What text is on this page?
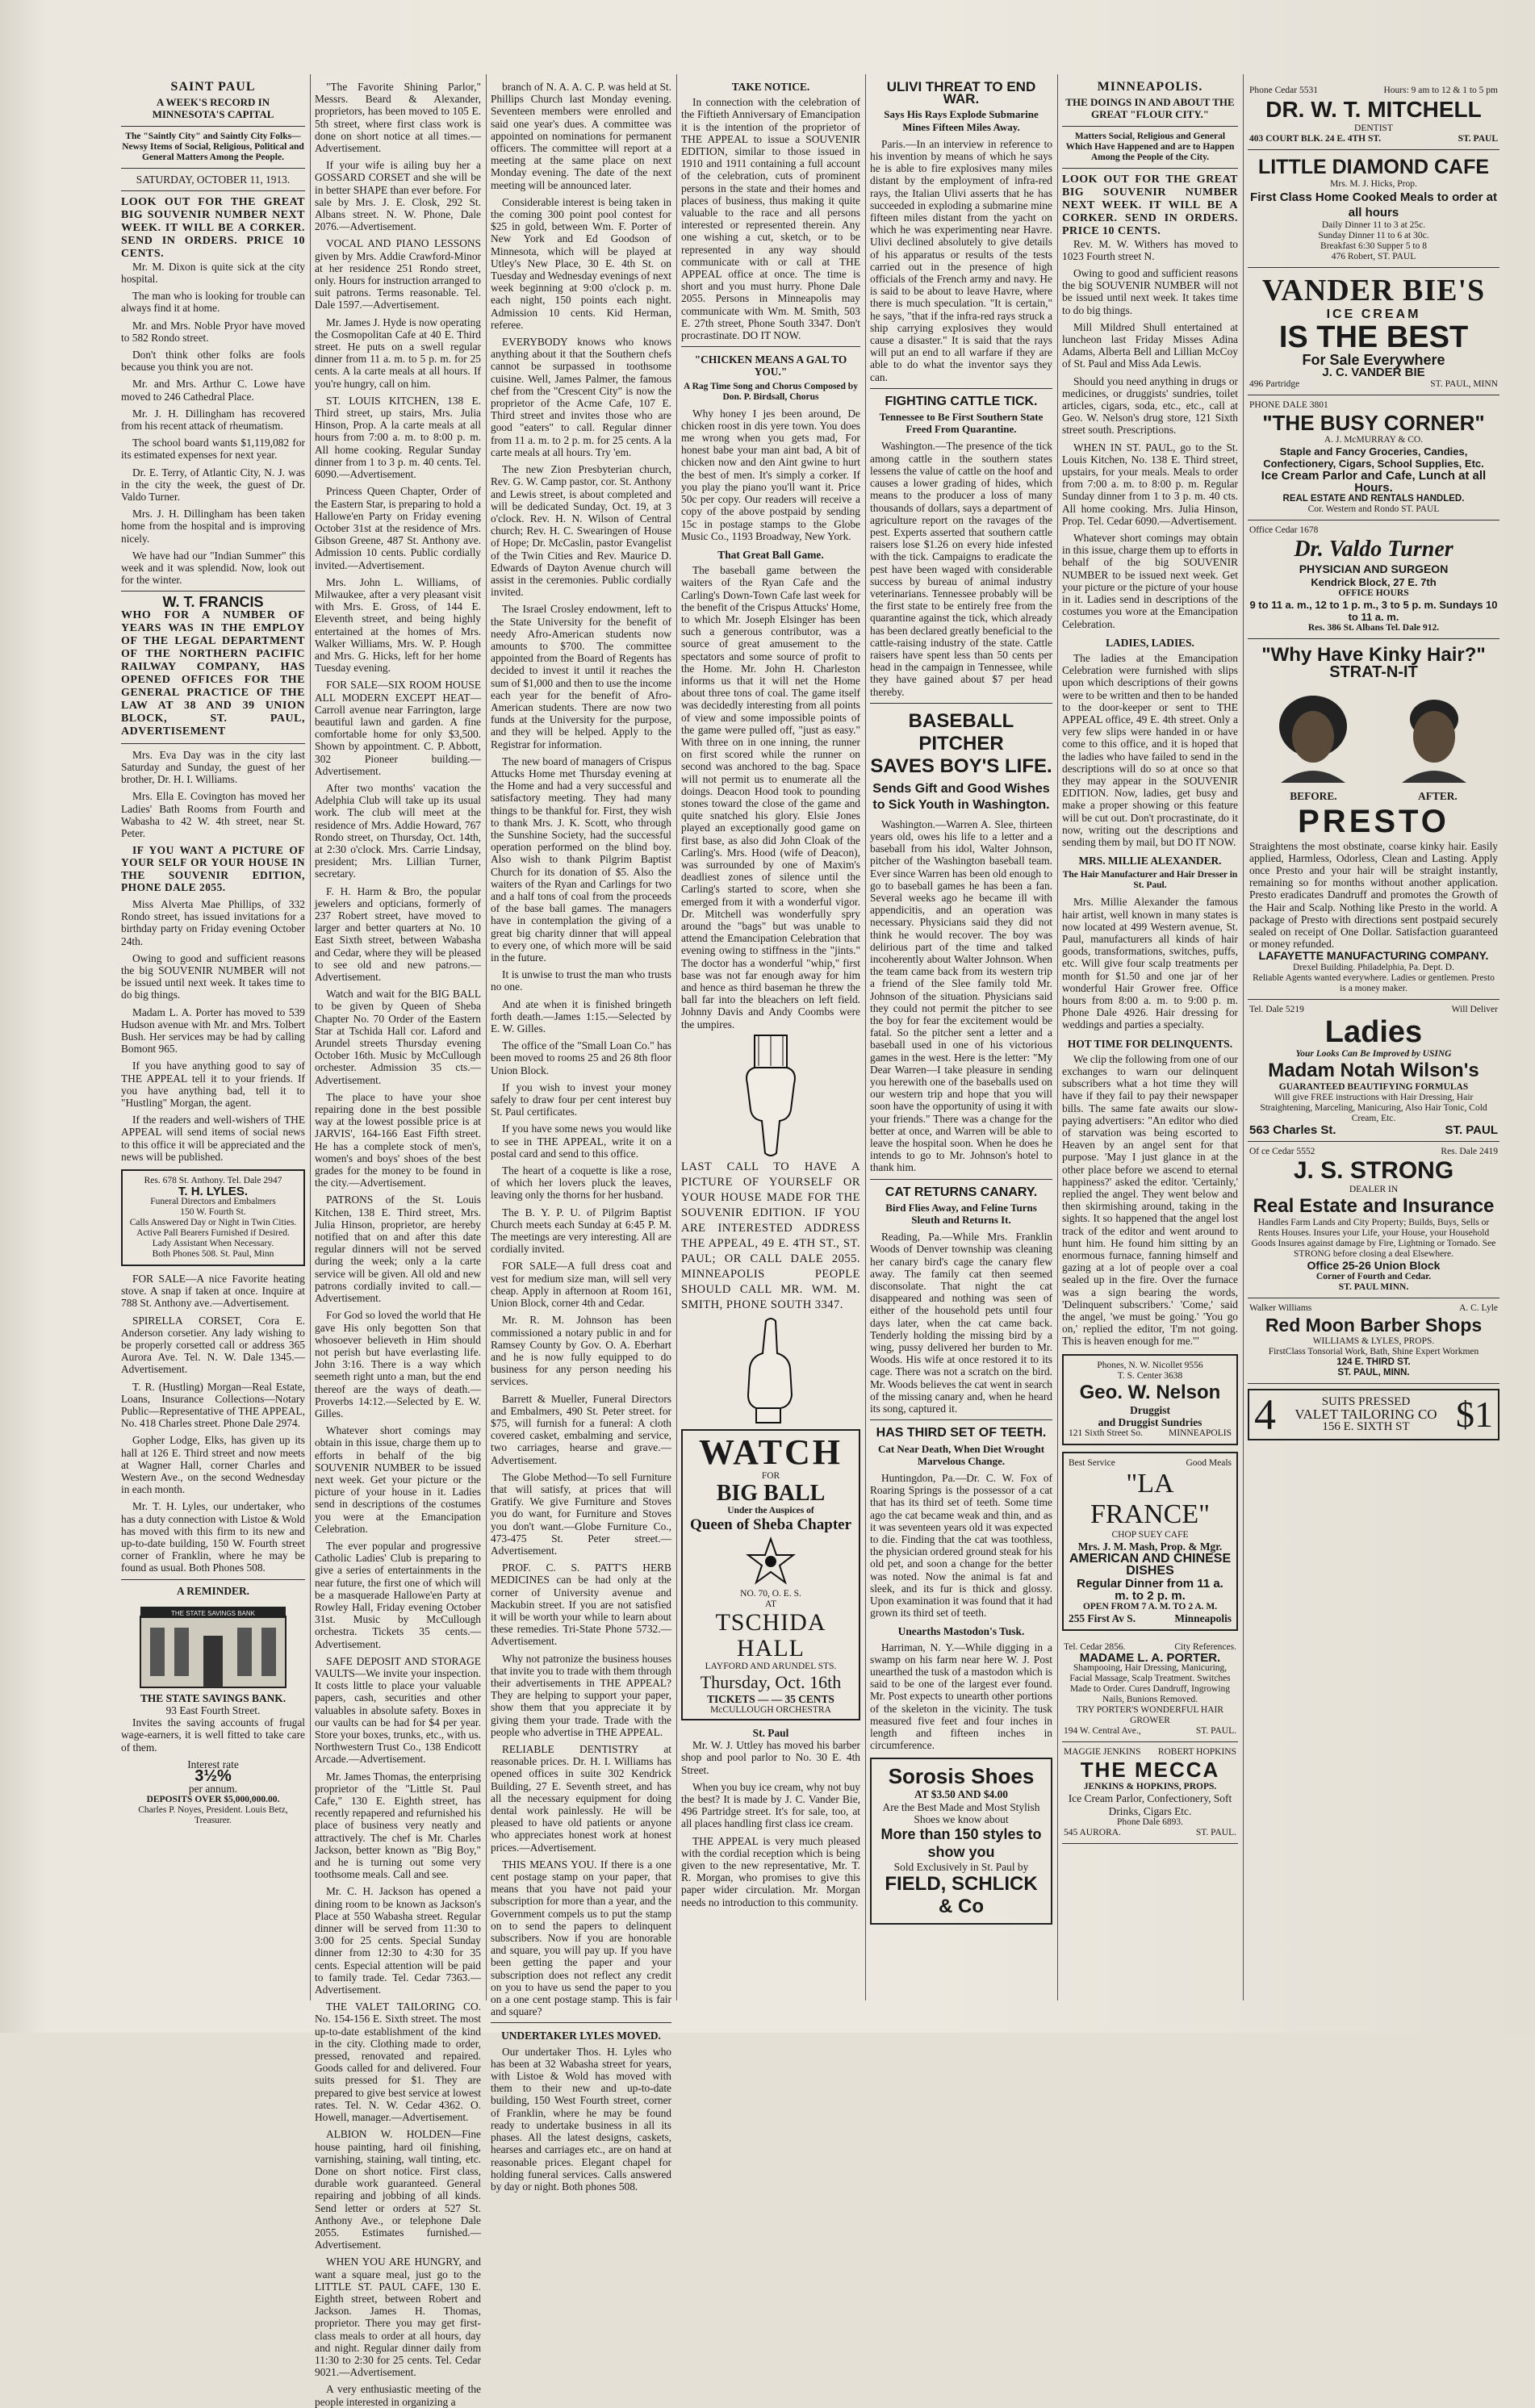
SAINT PAUL
A WEEK'S RECORD IN MINNESOTA'S CAPITAL
The "Saintly City" and Saintly City Folks—Newsy Items of Social, Religious, Political and General Matters Among the People.
SATURDAY, OCTOBER 11, 1913.
LOOK OUT FOR THE GREAT BIG SOUVENIR NUMBER NEXT WEEK. IT WILL BE A CORKER. SEND IN ORDERS. PRICE 10 CENTS.

Mr. M. Dixon is quite sick at the city hospital.

The man who is looking for trouble can always find it at home.

Mr. and Mrs. Noble Pryor have moved to 582 Rondo street.

Don't think other folks are fools because you think you are not.

Mr. and Mrs. Arthur C. Lowe have moved to 246 Cathedral Place.

Mr. J. H. Dillingham has recovered from his recent attack of rheumatism.

The school board wants $1,119,082 for its estimated expenses for next year.

Dr. E. Terry, of Atlantic City, N. J. was in the city the week, the guest of Dr. Valdo Turner.

Mrs. J. H. Dillingham has been taken home from the hospital and is improving nicely.

We have had our "Indian Summer" this week and it was splendid. Now, look out for the winter.

W. T. FRANCIS
WHO FOR A NUMBER OF YEARS WAS IN THE EMPLOY OF THE LEGAL DEPARTMENT OF THE NORTHERN PACIFIC RAILWAY COMPANY, HAS OPENED OFFICES FOR THE GENERAL PRACTICE OF THE LAW AT 38 AND 39 UNION BLOCK, ST. PAUL, ADVERTISEMENT

Mrs. Eva Day was in the city last Saturday and Sunday, the guest of her brother, Dr. H. I. Williams.

Mrs. Ella E. Covington has moved her Ladies' Bath Rooms from Fourth and Wabasha to 42 W. 4th street, near St. Peter.

IF YOU WANT A PICTURE OF YOUR SELF OR YOUR HOUSE IN THE SOUVENIR EDITION, PHONE DALE 2055.

Miss Alverta Mae Phillips, of 332 Rondo street, has issued invitations for a birthday party on Friday evening October 24th.

Owing to good and sufficient reasons the big SOUVENIR NUMBER will not be issued until next week. It takes time to do big things.

Madam L. A. Porter has moved to 539 Hudson avenue with Mr. and Mrs. Tolbert Bush. Her services may be had by calling Bomont 965.

If you have anything good to say of THE APPEAL tell it to your friends. If you have anything bad, tell it to "Hustling" Morgan, the agent.

If the readers and well-wishers of THE APPEAL will send items of social news to this office it will be appreciated and the news will be published.

Res. 678 St. Anthony. Tel. Dale 2947
T. H. LYLES.
Funeral Directors and Embalmers
150 W. Fourth St.
Calls Answered Day or Night in Twin Cities.
Active Pall Bearers Furnished if Desired.
Lady Assistant When Necessary.
Both Phones 508. St. Paul, Minn

FOR SALE—A nice Favorite heating stove. A snap if taken at once. Inquire at 788 St. Anthony ave.—Advertisement.

SPIRELLA CORSET, Cora E. Anderson corsetier. Any lady wishing to be properly corsetted call or address 365 Aurora Ave. Tel. N. W. Dale 1345.—Advertisement.

T. R. (Hustling) Morgan—Real Estate, Loans, Insurance Collections—Notary Public—Representative of THE APPEAL, No. 418 Charles street. Phone Dale 2974.

Gopher Lodge, Elks, has given up its hall at 126 E. Third street and now meets at Wagner Hall, corner Charles and Western Ave., on the second Wednesday in each month.

Mr. T. H. Lyles, our undertaker, who has a duty connection with Listoe & Wold has moved with this firm to its new and up-to-date building, 150 W. Fourth street corner of Franklin, where he may be found as usual. Both Phones 508.

A REMINDER.
THE STATE SAVINGS BANK
THE STATE SAVINGS BANK.
93 East Fourth Street.

Invites the saving accounts of frugal wage-earners, it is well fitted to take care of them.

Interest rate
3½%
per annum.
DEPOSITS OVER $5,000,000.00.
Charles P. Noyes, President. Louis Betz, Treasurer.

"The Favorite Shining Parlor," Messrs. Beard & Alexander, proprietors, has been moved to 105 E. 5th street, where first class work is done on short notice at all times.—Advertisement.

If your wife is ailing buy her a GOSSARD CORSET and she will be in better SHAPE than ever before. For sale by Mrs. J. E. Closk, 292 St. Albans street. N. W. Phone, Dale 2076.—Advertisement.

VOCAL AND PIANO LESSONS given by Mrs. Addie Crawford-Minor at her residence 251 Rondo street, only. Hours for instruction arranged to suit patrons. Terms reasonable. Tel. Dale 1597.—Advertisement.

Mr. James J. Hyde is now operating the Cosmopolitan Cafe at 40 E. Third street. He puts on a swell regular dinner from 11 a. m. to 5 p. m. for 25 cents. A la carte meals at all hours. If you're hungry, call on him.

ST. LOUIS KITCHEN, 138 E. Third street, up stairs, Mrs. Julia Hinson, Prop. A la carte meals at all hours from 7:00 a. m. to 8:00 p. m. All home cooking. Regular Sunday dinner from 1 to 3 p. m. 40 cents. Tel. 6090.—Advertisement.

Princess Queen Chapter, Order of the Eastern Star, is preparing to hold a Hallowe'en Party on Friday evening October 31st at the residence of Mrs. Gibson Greene, 487 St. Anthony ave. Admission 10 cents. Public cordially invited.—Advertisement.

Mrs. John L. Williams, of Milwaukee, after a very pleasant visit with Mrs. E. Gross, of 144 E. Eleventh street, and being highly entertained at the homes of Mrs. Walker Williams, Mrs. W. P. Hough and Mrs. G. Hicks, left for her home Tuesday evening.

FOR SALE—SIX ROOM HOUSE ALL MODERN EXCEPT HEAT—Carroll avenue near Farrington, large beautiful lawn and garden. A fine comfortable home for only $3,500. Shown by appointment. C. P. Abbott, 302 Pioneer building.—Advertisement.

After two months' vacation the Adelphia Club will take up its usual work. The club will meet at the residence of Mrs. Addie Howard, 767 Rondo street, on Thursday, Oct. 14th, at 2:30 o'clock. Mrs. Carrie Lindsay, president; Mrs. Lillian Turner, secretary.

F. H. Harm & Bro, the popular jewelers and opticians, formerly of 237 Robert street, have moved to larger and better quarters at No. 10 East Sixth street, between Wabasha and Cedar, where they will be pleased to see old and new patrons.—Advertisement.

Watch and wait for the BIG BALL to be given by Queen of Sheba Chapter No. 70 Order of the Eastern Star at Tschida Hall cor. Laford and Arundel streets Thursday evening October 16th. Music by McCullough orchester. Admission 35 cts.—Advertisement.

The place to have your shoe repairing done in the best possible way at the lowest possible price is at JARVIS', 164-166 East Fifth street. He has a complete stock of men's, women's and boys' shoes of the best grades for the money to be found in the city.—Advertisement.

PATRONS of the St. Louis Kitchen, 138 E. Third street, Mrs. Julia Hinson, proprietor, are hereby notified that on and after this date regular dinners will not be served during the week; only a la carte service will be given. All old and new patrons cordially invited to call.—Advertisement.

For God so loved the world that He gave His only begotten Son that whosoever believeth in Him should not perish but have everlasting life. John 3:16. There is a way which seemeth right unto a man, but the end thereof are the ways of death.—Proverbs 14:12.—Selected by E. W. Gilles.

Whatever short comings may obtain in this issue, charge them up to efforts in behalf of the big SOUVENIR NUMBER to be issued next week. Get your picture or the picture of your house in it. Ladies send in descriptions of the costumes you were at the Emancipation Celebration.

The ever popular and progressive Catholic Ladies' Club is preparing to give a series of entertainments in the near future, the first one of which will be a masquerade Hallowe'en Party at Rowley Hall, Friday evening October 31st. Music by McCullough orchestra. Tickets 35 cents.—Advertisement.

SAFE DEPOSIT AND STORAGE VAULTS—We invite your inspection. It costs little to place your valuable papers, cash, securities and other valuables in absolute safety. Boxes in our vaults can be had for $4 per year. Store your boxes, trunks, etc., with us. Northwestern Trust Co., 138 Endicott Arcade.—Advertisement.

Mr. James Thomas, the enterprising proprietor of the "Little St. Paul Cafe," 130 E. Eighth street, has recently repapered and refurnished his place of business very neatly and attractively. The chef is Mr. Charles Jackson, better known as "Big Boy," and he is turning out some very toothsome meals. Call and see.

Mr. C. H. Jackson has opened a dining room to be known as Jackson's Place at 550 Wabasha street. Regular dinner will be served from 11:30 to 3:00 for 25 cents. Special Sunday dinner from 12:30 to 4:30 for 35 cents. Especial attention will be paid to family trade. Tel. Cedar 7363.—Advertisement.

THE VALET TAILORING CO. No. 154-156 E. Sixth street. The most up-to-date establishment of the kind in the city. Clothing made to order, pressed, renovated and repaired. Goods called for and delivered. Four suits pressed for $1. They are prepared to give best service at lowest rates. Tel. N. W. Cedar 4362. O. Howell, manager.—Advertisement.

ALBION W. HOLDEN—Fine house painting, hard oil finishing, varnishing, staining, wall tinting, etc. Done on short notice. First class, durable work guaranteed. General repairing and jobbing of all kinds. Send letter or orders at 527 St. Anthony Ave., or telephone Dale 2055. Estimates furnished.—Advertisement.

WHEN YOU ARE HUNGRY, and want a square meal, just go to the LITTLE ST. PAUL CAFE, 130 E. Eighth street, between Robert and Jackson. James H. Thomas, proprietor. There you may get first-class meals to order at all hours, day and night. Regular dinner daily from 11:30 to 2:30 for 25 cents. Tel. Cedar 9021.—Advertisement.

A very enthusiastic meeting of the people interested in organizing a

branch of N. A. A. C. P. was held at St. Phillips Church last Monday evening. Seventeen members were enrolled and said one year's dues. A committee was appointed on nominations for permanent officers. The committee will report at a meeting at the same place on next Monday evening. The date of the next meeting will be announced later.

Considerable interest is being taken in the coming 300 point pool contest for $25 in gold, between Wm. F. Porter of New York and Ed Goodson of Minnesota, which will be played at Utley's New Place, 30 E. 4th St. on Tuesday and Wednesday evenings of next week beginning at 9:00 o'clock p. m. each night, 150 points each night. Admission 10 cents. Kid Herman, referee.

EVERYBODY knows who knows anything about it that the Southern chefs cannot be surpassed in toothsome cuisine. Well, James Palmer, the famous chef from the "Crescent City" is now the proprietor of the Acme Cafe, 107 E. Third street and invites those who are good "eaters" to call. Regular dinner from 11 a. m. to 2 p. m. for 25 cents. A la carte meals at all hours. Try 'em.

The new Zion Presbyterian church, Rev. G. W. Camp pastor, cor. St. Anthony and Lewis street, is about completed and will be dedicated Sunday, Oct. 19, at 3 o'clock. Rev. H. N. Wilson of Central church; Rev. H. C. Swearingen of House of Hope; Dr. McCaslin, pastor Evangelist of the Twin Cities and Rev. Maurice D. Edwards of Dayton Avenue church will assist in the ceremonies. Public cordially invited.

The Israel Crosley endowment, left to the State University for the benefit of needy Afro-American students now amounts to $700. The committee appointed from the Board of Regents has decided to invest it until it reaches the sum of $1,000 and then to use the income each year for the benefit of Afro-American students. There are now two funds at the University for the purpose, and they will be helped. Apply to the Registrar for information.

The new board of managers of Crispus Attucks Home met Thursday evening at the Home and had a very successful and satisfactory meeting. They had many things to be thankful for. First, they wish to thank Mrs. J. K. Scott, who through the Sunshine Society, had the successful operation performed on the blind boy. Also wish to thank Pilgrim Baptist Church for its donation of $5. Also the waiters of the Ryan and Carlings for two and a half tons of coal from the proceeds of the base ball games. The managers have in contemplation the giving of a great big charity dinner that will appeal to every one, of which more will be said in the future.

It is unwise to trust the man who trusts no one.

And ate when it is finished bringeth forth death.—James 1:15.—Selected by E. W. Gilles.

The office of the "Small Loan Co." has been moved to rooms 25 and 26 8th floor Union Block.

If you wish to invest your money safely to draw four per cent interest buy St. Paul certificates.

If you have some news you would like to see in THE APPEAL, write it on a postal card and send to this office.

The heart of a coquette is like a rose, of which her lovers pluck the leaves, leaving only the thorns for her husband.

The B. Y. P. U. of Pilgrim Baptist Church meets each Sunday at 6:45 P. M. The meetings are very interesting. All are cordially invited.

FOR SALE—A full dress coat and vest for medium size man, will sell very cheap. Apply in afternoon at Room 161, Union Block, corner 4th and Cedar.

Mr. R. M. Johnson has been commissioned a notary public in and for Ramsey County by Gov. O. A. Eberhart and he is now fully equipped to do business for any person needing his services.

Barrett & Mueller, Funeral Directors and Embalmers, 490 St. Peter street. for $75, will furnish for a funeral: A cloth covered casket, embalming and service, two carriages, hearse and grave.—Advertisement.

The Globe Method—To sell Furniture that will satisfy, at prices that will Gratify. We give Furniture and Stoves you do want, for Furniture and Stoves you don't want.—Globe Furniture Co., 473-475 St. Peter street.—Advertisement.

PROF. C. S. PATT'S HERB MEDICINES can be had only at the corner of University avenue and Mackubin street. If you are not satisfied it will be worth your while to learn about these remedies. Tri-State Phone 5732.—Advertisement.

Why not patronize the business houses that invite you to trade with them through their advertisements in THE APPEAL? They are helping to support your paper, show them that you appreciate it by giving them your trade. Trade with the people who advertise in THE APPEAL.

RELIABLE DENTISTRY at reasonable prices. Dr. H. I. Williams has opened offices in suite 302 Kendrick Building, 27 E. Seventh street, and has all the necessary equipment for doing dental work painlessly. He will be pleased to have old patients or anyone who appreciates honest work at honest prices.—Advertisement.

THIS MEANS YOU. If there is a one cent postage stamp on your paper, that means that you have not paid your subscription for more than a year, and the Government compels us to put the stamp on to send the papers to delinquent subscribers. Now if you are honorable and square, you will pay up. If you have been getting the paper and your subscription does not reflect any credit on you to have us send the paper to you on a one cent postage stamp. This is fair and square?

UNDERTAKER LYLES MOVED.

Our undertaker Thos. H. Lyles who has been at 32 Wabasha street for years, with Listoe & Wold has moved with them to their new and up-to-date building, 150 West Fourth street, corner of Franklin, where he may be found ready to undertake business in all its phases. All the latest designs, caskets, hearses and carriages etc., are on hand at reasonable prices. Elegant chapel for holding funeral services. Calls answered by day or night. Both phones 508.

TAKE NOTICE.

In connection with the celebration of the Fiftieth Anniversary of Emancipation it is the intention of the proprietor of THE APPEAL to issue a SOUVENIR EDITION, similar to those issued in 1910 and 1911 containing a full account of the celebration, cuts of prominent persons in the state and their homes and places of business, thus making it quite valuable to the race and all persons interested or represented therein. Any one wishing a cut, sketch, or to be represented in any way should communicate with or call at THE APPEAL office at once. The time is short and you must hurry. Phone Dale 2055. Persons in Minneapolis may communicate with Wm. M. Smith, 503 E. 27th street, Phone South 3347. Don't procrastinate. DO IT NOW.

"CHICKEN MEANS A GAL TO YOU."
A Rag Time Song and Chorus Composed by Don. P. Birdsall, Chorus

Why honey I jes been around, De chicken roost in dis yere town. You does me wrong when you gets mad, For honest babe your man aint bad, A bit of chicken now and den Aint gwine to hurt the best of men. It's simply a corker. If you play the piano you'll want it. Price 50c per copy. Our readers will receive a copy of the above postpaid by sending 15c in postage stamps to the Globe Music Co., 1193 Broadway, New York.

That Great Ball Game.

The baseball game between the waiters of the Ryan Cafe and the Carling's Down-Town Cafe last week for the benefit of the Crispus Attucks' Home, to which Mr. Joseph Elsinger has been such a generous contributor, was a source of great amusement to the spectators and some source of profit to the Home. Mr. John H. Charleston informs us that it will net the Home about three tons of coal. The game itself was decidedly interesting from all points of view and some impossible points of the game were pulled off, "just as easy." With three on in one inning, the runner on first scored while the runner on second was anchored to the bag. Space will not permit us to enumerate all the doings. Deacon Hood took to pounding stones toward the close of the game and quite snatched his glory. Elsie Jones played an exceptionally good game on first base, as also did John Cloak of the Carling's. Mrs. Hood (wife of Deacon), was surrounded by one of Maxim's deadliest zones of silence until the Carling's started to score, when she emerged from it with a wonderful vigor. Dr. Mitchell was wonderfully spry around the "bags" but was unable to attend the Emancipation Celebration that evening owing to stiffness in the "jints." The doctor has a wonderful "whip," first base was not far enough away for him and hence as third baseman he threw the ball far into the bleachers on left field. Johnny Davis and Andy Coombs were the umpires.

LAST CALL TO HAVE A PICTURE OF YOURSELF OR YOUR HOUSE MADE FOR THE SOUVENIR EDITION. IF YOU ARE INTERESTED ADDRESS THE APPEAL, 49 E. 4TH ST., ST. PAUL; OR CALL DALE 2055. MINNEAPOLIS PEOPLE SHOULD CALL MR. WM. M. SMITH, PHONE SOUTH 3347.

WATCH
FOR
BIG BALL
Under the Auspices of
Queen of Sheba Chapter
NO. 70, O. E. S.
AT
TSCHIDA HALL
LAYFORD AND ARUNDEL STS.
Thursday, Oct. 16th
TICKETS — — 35 CENTS
McCULLOUGH ORCHESTRA
St. Paul

Mr. W. J. Uttley has moved his barber shop and pool parlor to No. 30 E. 4th Street.

When you buy ice cream, why not buy the best? It is made by J. C. Vander Bie, 496 Partridge street. It's for sale, too, at all places handling first class ice cream.

THE APPEAL is very much pleased with the cordial reception which is being given to the new representative, Mr. T. R. Morgan, who promises to give this paper wider circulation. Mr. Morgan needs no introduction to this community.

ULIVI THREAT TO END WAR.
Says His Rays Explode Submarine Mines Fifteen Miles Away.

Paris.—In an interview in reference to his invention by means of which he says he is able to fire explosives many miles distant by the employment of infra-red rays, the Italian Ulivi asserts that he has succeeded in exploding a submarine mine fifteen miles distant from the yacht on which he was experimenting near Havre. Ulivi declined absolutely to give details of his apparatus or results of the tests carried out in the presence of high officials of the French army and navy. He is said to be about to leave Havre, where there is much speculation. "It is certain," he says, "that if the infra-red rays struck a ship carrying explosives they would cause a disaster." It is said that the rays will put an end to all warfare if they are able to do what the inventor says they can.

FIGHTING CATTLE TICK.
Tennessee to Be First Southern State Freed From Quarantine.

Washington.—The presence of the tick among cattle in the southern states lessens the value of cattle on the hoof and causes a lower grading of hides, which means to the producer a loss of many thousands of dollars, says a department of agriculture report on the ravages of the pest. Experts asserted that southern cattle raisers lose $1.26 on every hide infested with the tick. Campaigns to eradicate the pest have been waged with considerable success by bureau of animal industry veterinarians. Tennessee probably will be the first state to be entirely free from the quarantine against the tick, which already has been declared greatly beneficial to the cattle-raising industry of the state. Cattle raisers have spent less than 50 cents per head in the campaign in Tennessee, while they have gained about $7 per head thereby.

BASEBALL PITCHER
SAVES BOY'S LIFE.
Sends Gift and Good Wishes to Sick Youth in Washington.

Washington.—Warren A. Slee, thirteen years old, owes his life to a letter and a baseball from his idol, Walter Johnson, pitcher of the Washington baseball team. Ever since Warren has been old enough to go to baseball games he has been a fan. Several weeks ago he became ill with appendicitis, and an operation was necessary. Physicians said they did not think he would recover. The boy was delirious part of the time and talked incoherently about Walter Johnson. When the team came back from its western trip a friend of the Slee family told Mr. Johnson of the situation. Physicians said they could not permit the pitcher to see the boy for fear the excitement would be fatal. So the pitcher sent a letter and a baseball used in one of his victorious games in the west. Here is the letter: "My Dear Warren—I take pleasure in sending you herewith one of the baseballs used on our western trip and hope that you will soon have the opportunity of using it with your friends." There was a change for the better at once, and Warren will be able to leave the hospital soon. When he does he intends to go to Mr. Johnson's hotel to thank him.

CAT RETURNS CANARY.
Bird Flies Away, and Feline Turns Sleuth and Returns It.

Reading, Pa.—While Mrs. Franklin Woods of Denver township was cleaning her canary bird's cage the canary flew away. The family cat then seemed disconsolate. That night the cat disappeared and nothing was seen of either of the household pets until four days later, when the cat came back. Tenderly holding the missing bird by a wing, pussy delivered her burden to Mr. Woods. His wife at once restored it to its cage. There was not a scratch on the bird. Mr. Woods believes the cat went in search of the missing canary and, when he heard its song, captured it.

HAS THIRD SET OF TEETH.
Cat Near Death, When Diet Wrought Marvelous Change.

Huntingdon, Pa.—Dr. C. W. Fox of Roaring Springs is the possessor of a cat that has its third set of teeth. Some time ago the cat became weak and thin, and as it was seventeen years old it was expected to die. Finding that the cat was toothless, the physician ordered ground steak for his old pet, and soon a change for the better was noted. Now the animal is fat and sleek, and its fur is thick and glossy. Upon examination it was found that it had grown its third set of teeth.

Unearths Mastodon's Tusk.

Harriman, N. Y.—While digging in a swamp on his farm near here W. J. Post unearthed the tusk of a mastodon which is said to be one of the largest ever found. Mr. Post expects to unearth other portions of the skeleton in the vicinity. The tusk measured five feet and four inches in length and fifteen inches in circumference.

Sorosis Shoes
AT $3.50 AND $4.00
Are the Best Made and Most Stylish Shoes we know about
More than 150 styles to show you
Sold Exclusively in St. Paul by
FIELD, SCHLICK & Co
MINNEAPOLIS.
THE DOINGS IN AND ABOUT THE GREAT "FLOUR CITY."
Matters Social, Religious and General Which Have Happened and are to Happen Among the People of the City.
LOOK OUT FOR THE GREAT BIG SOUVENIR NUMBER NEXT WEEK. IT WILL BE A CORKER. SEND IN ORDERS. PRICE 10 CENTS.

Rev. M. W. Withers has moved to 1023 Fourth street N.

Owing to good and sufficient reasons the big SOUVENIR NUMBER will not be issued until next week. It takes time to do big things.

Mill Mildred Shull entertained at luncheon last Friday Misses Adina Adams, Alberta Bell and Lillian McCoy of St. Paul and Miss Ada Lewis.

Should you need anything in drugs or medicines, or druggists' sundries, toilet articles, cigars, soda, etc., etc., call at Geo. W. Nelson's drug store, 121 Sixth street south. Prescriptions.

WHEN IN ST. PAUL, go to the St. Louis Kitchen, No. 138 E. Third street, upstairs, for your meals. Meals to order from 7:00 a. m. to 8:00 p. m. Regular Sunday dinner from 1 to 3 p. m. 40 cts. All home cooking. Mrs. Julia Hinson, Prop. Tel. Cedar 6090.—Advertisement.

Whatever short comings may obtain in this issue, charge them up to efforts in behalf of the big SOUVENIR NUMBER to be issued next week. Get your picture or the picture of your house in it. Ladies send in descriptions of the costumes you wore at the Emancipation Celebration.

LADIES, LADIES.

The ladies at the Emancipation Celebration were furnished with slips upon which descriptions of their gowns were to be written and then to be handed to the door-keeper or sent to THE APPEAL office, 49 E. 4th street. Only a very few slips were handed in or have come to this office, and it is hoped that the ladies who have failed to send in the descriptions will do so at once so that they may appear in the SOUVENIR EDITION. Now, ladies, get busy and make a proper showing or this feature will be cut out. Don't procrastinate, do it now, writing out the descriptions and sending them by mail, but DO IT NOW.

MRS. MILLIE ALEXANDER.
The Hair Manufacturer and Hair Dresser in St. Paul.

Mrs. Millie Alexander the famous hair artist, well known in many states is now located at 499 Western avenue, St. Paul, manufacturers all kinds of hair goods, transformations, switches, puffs, etc. Will give four scalp treatments per month for $1.50 and one jar of her wonderful Hair Grower free. Office hours from 8:00 a. m. to 9:00 p. m. Phone Dale 4926. Hair dressing for weddings and parties a specialty.

HOT TIME FOR DELINQUENTS.

We clip the following from one of our exchanges to warn our delinquent subscribers what a hot time they will have if they fail to pay their newspaper bills. The same fate awaits our slow-paying advertisers: "An editor who died of starvation was being escorted to Heaven by an angel sent for that purpose. 'May I just glance in at the other place before we ascend to eternal happiness?' asked the editor. 'Certainly,' replied the angel. They went below and then skirmishing around, taking in the sights. It so happened that the angel lost track of the editor and went around to hunt him. He found him sitting by an enormous furnace, fanning himself and gazing at a lot of people over a coal sealed up in the fire. Over the furnace was a sign bearing the words, 'Delinquent subscribers.' 'Come,' said the angel, 'we must be going.' 'You go on,' replied the editor, 'I'm not going. This is heaven enough for me.'"

Phones, N. W. Nicollet 9556
T. S. Center 3638
Geo. W. Nelson
Druggist
and Druggist Sundries
121 Sixth Street So.	MINNEAPOLIS
Best Service	Good Meals
"LA FRANCE"
CHOP SUEY CAFE
Mrs. J. M. Mash, Prop. & Mgr.
AMERICAN AND CHINESE DISHES
Regular Dinner from 11 a. m. to 2 p. m.
OPEN FROM 7 A. M. TO 2 A. M.
255 First Av S.	Minneapolis
Tel. Cedar 2856.	City References.
MADAME L. A. PORTER.
Shampooing, Hair Dressing, Manicuring, Facial Massage, Scalp Treatment. Switches Made to Order. Cures Dandruff, Ingrowing Nails, Bunions Removed.
TRY PORTER'S WONDERFUL HAIR GROWER
194 W. Central Ave.,	ST. PAUL.
MAGGIE JENKINS ROBERT HOPKINS
THE MECCA
JENKINS & HOPKINS, PROPS.
Ice Cream Parlor, Confectionery, Soft Drinks, Cigars Etc.
Phone Dale 6893.
545 AURORA.	ST. PAUL.
Phone Cedar 5531	Hours: 9 am to 12 & 1 to 5 pm
DR. W. T. MITCHELL
DENTIST
403 COURT BLK. 24 E. 4TH ST.	ST. PAUL
LITTLE DIAMOND CAFE
Mrs. M. J. Hicks, Prop.
First Class Home Cooked Meals to order at all hours
Daily Dinner 11 to 3 at 25c.
Sunday Dinner 11 to 6 at 30c.
Breakfast 6:30 Supper 5 to 8
476 Robert, ST. PAUL
VANDER BIE'S
ICE CREAM
IS THE BEST
For Sale Everywhere
J. C. VANDER BIE
496 Partridge	ST. PAUL, MINN
PHONE DALE 3801
"THE BUSY CORNER"
A. J. McMURRAY & CO.
Staple and Fancy Groceries, Candies, Confectionery, Cigars, School Supplies, Etc.
Ice Cream Parlor and Cafe, Lunch at all Hours.
REAL ESTATE AND RENTALS HANDLED.
Cor. Western and Rondo ST. PAUL
Office Cedar 1678
Dr. Valdo Turner
PHYSICIAN AND SURGEON
Kendrick Block, 27 E. 7th
OFFICE HOURS
9 to 11 a. m., 12 to 1 p. m., 3 to 5 p. m. Sundays 10 to 11 a. m.
Res. 386 St. Albans Tel. Dale 912.
"Why Have Kinky Hair?"
STRAT-N-IT
BEFORE.	AFTER.
PRESTO
Straightens the most obstinate, coarse kinky hair. Easily applied, Harmless, Odorless, Clean and Lasting. Apply once Presto and your hair will be straight instantly, remaining so for months without another application. Presto eradicates Dandruff and promotes the Growth of the Hair and Scalp. Nothing like Presto in the world. A package of Presto with directions sent postpaid securely sealed on receipt of One Dollar. Satisfaction guaranteed or money refunded.
LAFAYETTE MANUFACTURING COMPANY.
Drexel Building. Philadelphia, Pa. Dept. D.
Reliable Agents wanted everywhere. Ladies or gentlemen. Presto is a money maker.
Tel. Dale 5219	Will Deliver
Ladies
Your Looks Can Be Improved by USING
Madam Notah Wilson's
GUARANTEED BEAUTIFYING FORMULAS
Will give FREE instructions with Hair Dressing, Hair Straightening, Marceling, Manicuring, Also Hair Tonic, Cold Cream, Etc.
563 Charles St.	ST. PAUL
Of ce Cedar 5552	Res. Dale 2419
J. S. STRONG
DEALER IN
Real Estate and Insurance
Handles Farm Lands and City Property; Builds, Buys, Sells or Rents Houses. Insures your Life, your House, your Household Goods Insures against damage by Fire, Lightning or Tornado. See STRONG before closing a deal Elsewhere.
Office 25-26 Union Block
Corner of Fourth and Cedar.
ST. PAUL MINN.
Walker Williams	A. C. Lyle
Red Moon Barber Shops
WILLIAMS & LYLES, PROPS.
FirstClass Tonsorial Work, Bath, Shine Expert Workmen
124 E. THIRD ST.
ST. PAUL, MINN.
4	SUITS PRESSED
VALET TAILORING CO
156 E. SIXTH ST	$1
